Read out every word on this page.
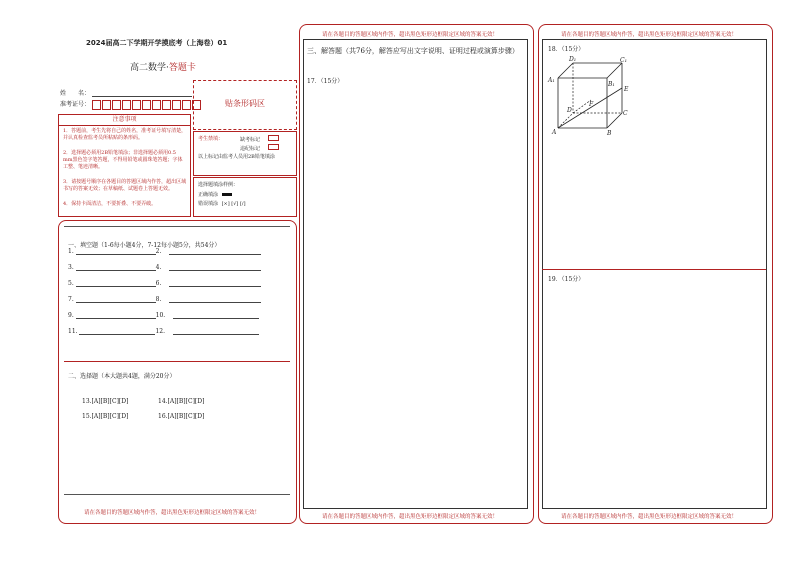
2024届高二下学期开学摸底考（上海卷）01
高二数学·答题卡
姓　　名：
准考证号：	贴条形码区
注意事项
1．答题前，考生先将自己的姓名，准考证号填写清楚，并认真检查监考员所粘贴的条形码。
2．选择题必须用2B铅笔填涂；非选择题必须用0.5 mm黑色签字笔答题，不得用铅笔或圆珠笔答题；字体工整、笔迹清晰。
3．请按题号顺序在各题目的答题区域内作答，超出区域书写的答案无效；在草稿纸、试题卷上答题无效。
4．保持卡面清洁，不要折叠、不要弄破。
考生禁填：	缺考标记
违纪标记
以上标记由监考人员用2B铅笔填涂
选择题填涂样例：
正确填涂
错误填涂 [×] [√] [/]
一、填空题（1-6每小题4分，7-12每小题5分，共54分）
1.	2.
3.	4.
5.	6.
7.	8.
9.	10.
11.	12.
二、选择题（本大题共4题，满分20分）
13.[A][B][C][D]	14.[A][B][C][D]
15.[A][B][C][D]	16.[A][B][C][D]
请在各题目的答题区域内作答，超出黑色矩形边框限定区域的答案无效！
请在各题目的答题区域内作答，超出黑色矩形边框限定区域的答案无效！
三、解答题（共76分，解答应写出文字说明、证明过程或演算步骤）
17．（15分）
请在各题目的答题区域内作答，超出黑色矩形边框限定区域的答案无效！
请在各题目的答题区域内作答，超出黑色矩形边框限定区域的答案无效！
18．（15分）
19．（15分）
请在各题目的答题区域内作答，超出黑色矩形边框限定区域的答案无效！
D₁	C₁
A₁
B₁
E
F
D	C
A	B
